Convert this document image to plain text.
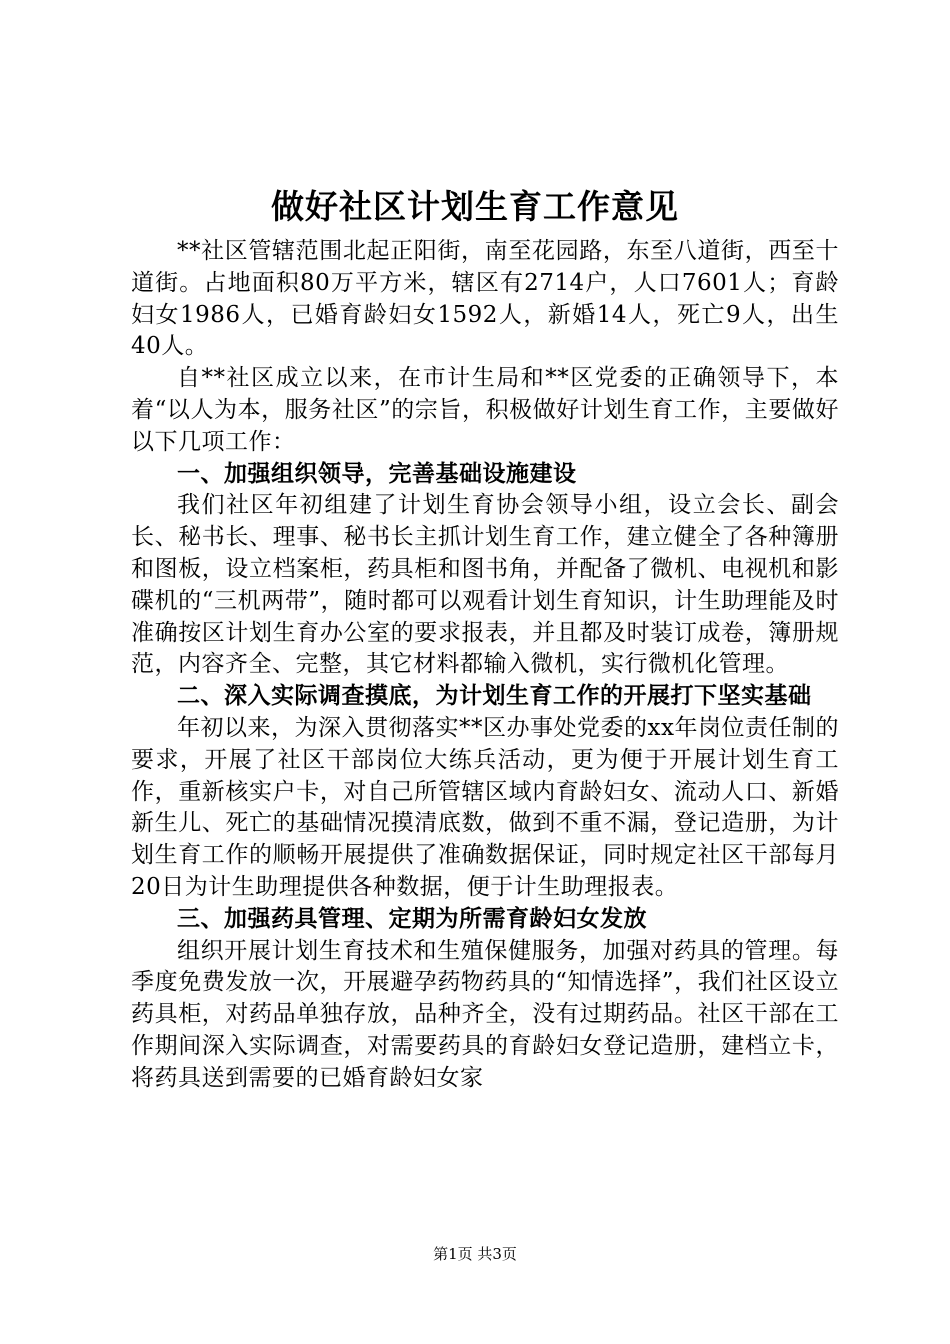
做好社区计划生育工作意见

**社区管辖范围北起正阳街，南至花园路，东至八道街，西至十道街。占地面积80万平方米，辖区有2714户，人口7601人；育龄妇女1986人，已婚育龄妇女1592人，新婚14人，死亡9人，出生40人。

自**社区成立以来，在市计生局和**区党委的正确领导下，本着“以人为本，服务社区”的宗旨，积极做好计划生育工作，主要做好以下几项工作：

一、加强组织领导，完善基础设施建设

我们社区年初组建了计划生育协会领导小组，设立会长、副会长、秘书长、理事、秘书长主抓计划生育工作，建立健全了各种簿册和图板，设立档案柜，药具柜和图书角，并配备了微机、电视机和影碟机的“三机两带”，随时都可以观看计划生育知识，计生助理能及时准确按区计划生育办公室的要求报表，并且都及时装订成卷，簿册规范，内容齐全、完整，其它材料都输入微机，实行微机化管理。

二、深入实际调查摸底，为计划生育工作的开展打下坚实基础

年初以来，为深入贯彻落实**区办事处党委的xx年岗位责任制的要求，开展了社区干部岗位大练兵活动，更为便于开展计划生育工作，重新核实户卡，对自己所管辖区域内育龄妇女、流动人口、新婚新生儿、死亡的基础情况摸清底数，做到不重不漏，登记造册，为计划生育工作的顺畅开展提供了准确数据保证，同时规定社区干部每月20日为计生助理提供各种数据，便于计生助理报表。

三、加强药具管理、定期为所需育龄妇女发放

组织开展计划生育技术和生殖保健服务，加强对药具的管理。每季度免费发放一次，开展避孕药物药具的“知情选择”，我们社区设立药具柜，对药品单独存放，品种齐全，没有过期药品。社区干部在工作期间深入实际调查，对需要药具的育龄妇女登记造册，建档立卡，将药具送到需要的已婚育龄妇女家

第1页 共3页
